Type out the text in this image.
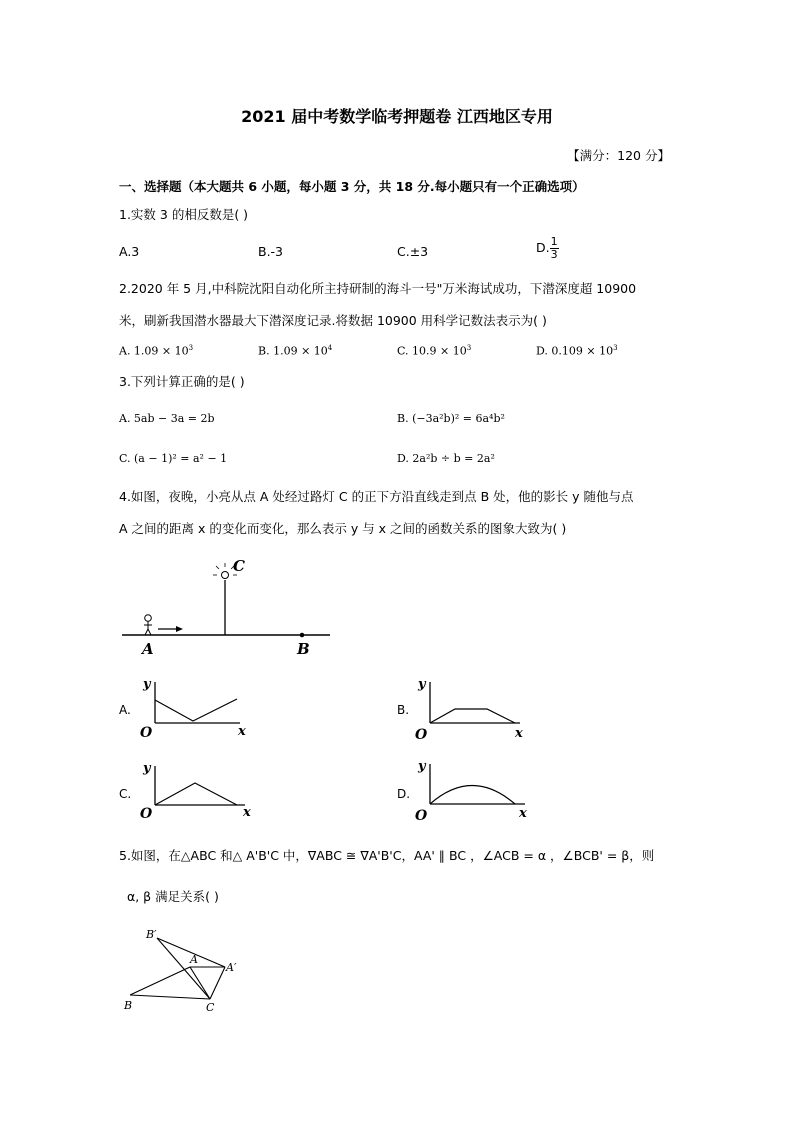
2021 届中考数学临考押题卷 江西地区专用
【满分：120 分】
一、选择题（本大题共 6 小题，每小题 3 分，共 18 分.每小题只有一个正确选项）
1.实数 3 的相反数是( )
A.3	B.-3	C.±3	D. $\frac{1}{3}$
2.2020 年 5 月,中科院沈阳自动化所主持研制的海斗一号"万米海试成功，下潜深度超 10900
米，刷新我国潜水器最大下潜深度记录.将数据 10900 用科学记数法表示为( )
A. $1.09 \times 10^3$	B. $1.09 \times 10^4$	C. $10.9 \times 10^3$	D. $0.109 \times 10^3$
3.下列计算正确的是( )
A. 5ab − 3a = 2b	B. (−3a²b)² = 6a⁴b²
C. (a − 1)² = a² − 1	D. 2a²b ÷ b = 2a²
4.如图，夜晚，小亮从点 A 处经过路灯 C 的正下方沿直线走到点 B 处，他的影长 y 随他与点
A 之间的距离 x 的变化而变化，那么表示 y 与 x 之间的函数关系的图象大致为( )
C
A	B
A.
y
O	x
B.
y
O	x
C.
y
O	x
D.
y
O	x
5.如图，在△ABC 和△ A'B'C 中，∇ABC ≅ ∇A'B'C，AA' ∥ BC ，∠ACB = α ，∠BCB' = β，则
α, β 满足关系( )
B′
A
A′
B	C
